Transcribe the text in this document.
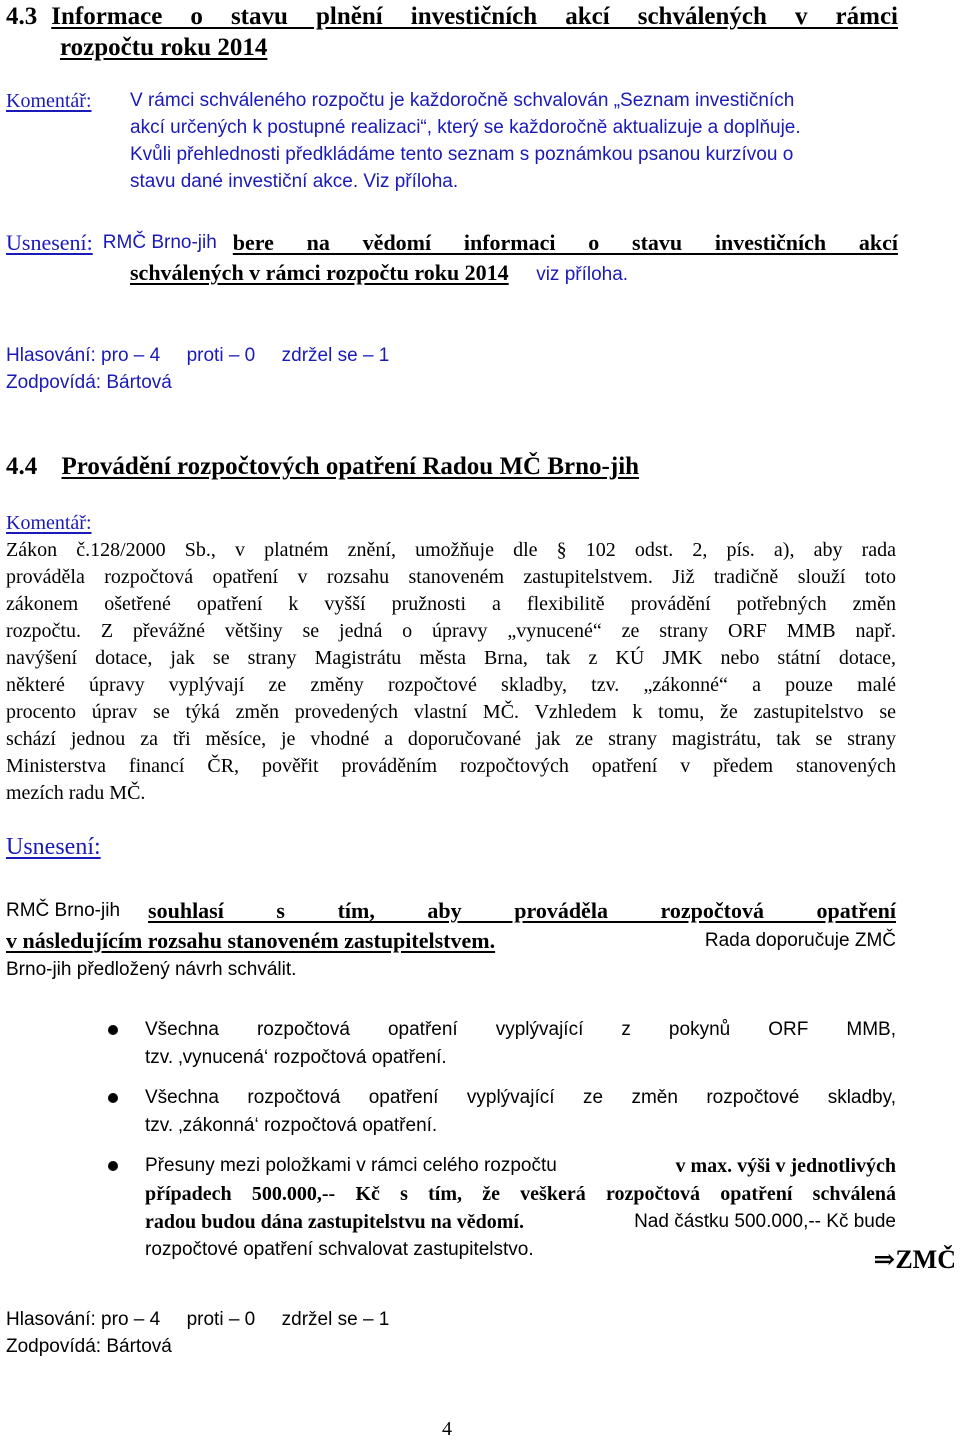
4.3 Informace o stavu plnění investičních akcí schválených v rámci
rozpočtu roku 2014
Komentář: V rámci schváleného rozpočtu je každoročně schvalován „Seznam investičních
akcí určených k postupné realizaci“, který se každoročně aktualizuje a doplňuje.
Kvůli přehlednosti předkládáme tento seznam s poznámkou psanou kurzívou o
stavu dané investiční akce. Viz příloha.
Usnesení: RMČ Brno-jih bere na vědomí informaci o stavu investičních akcí
schválených v rámci rozpočtu roku 2014 viz příloha.
Hlasování: pro – 4     proti – 0     zdržel se – 1
Zodpovídá: Bártová
4.4 Provádění rozpočtových opatření Radou MČ Brno-jih
Komentář:
Zákon č.128/2000 Sb., v platném znění, umožňuje dle § 102 odst. 2, pís. a), aby rada
prováděla rozpočtová opatření v rozsahu stanoveném zastupitelstvem. Již tradičně slouží toto
zákonem ošetřené opatření k vyšší pružnosti a flexibilitě provádění potřebných změn
rozpočtu. Z převážné většiny se jedná o úpravy „vynucené“ ze strany ORF MMB např.
navýšení dotace, jak se strany Magistrátu města Brna, tak z KÚ JMK nebo státní dotace,
některé úpravy vyplývají ze změny rozpočtové skladby, tzv. „zákonné“ a pouze malé
procento úprav se týká změn provedených vlastní MČ. Vzhledem k tomu, že zastupitelstvo se
schází jednou za tři měsíce, je vhodné a doporučované jak ze strany magistrátu, tak se strany
Ministerstva financí ČR, pověřit prováděním rozpočtových opatření v předem stanovených
mezích radu MČ.
Usnesení:
RMČ Brno-jih souhlasí s tím, aby prováděla rozpočtová opatření
v následujícím rozsahu stanoveném zastupitelstvem.	Rada doporučuje ZMČ
Brno-jih předložený návrh schválit.
Všechna rozpočtová opatření vyplývající z pokynů ORF MMB,
tzv. ‚vynucená‘ rozpočtová opatření.
Všechna rozpočtová opatření vyplývající ze změn rozpočtové skladby,
tzv. ‚zákonná‘ rozpočtová opatření.
Přesuny mezi položkami v rámci celého rozpočtu	v max. výši v jednotlivých
případech 500.000,-- Kč s tím, že veškerá rozpočtová opatření schválená
radou budou dána zastupitelstvu na vědomí.	Nad částku 500.000,-- Kč bude
rozpočtové opatření schvalovat zastupitelstvo.	⇒ZMČ
Hlasování: pro – 4     proti – 0     zdržel se – 1
Zodpovídá: Bártová
4
